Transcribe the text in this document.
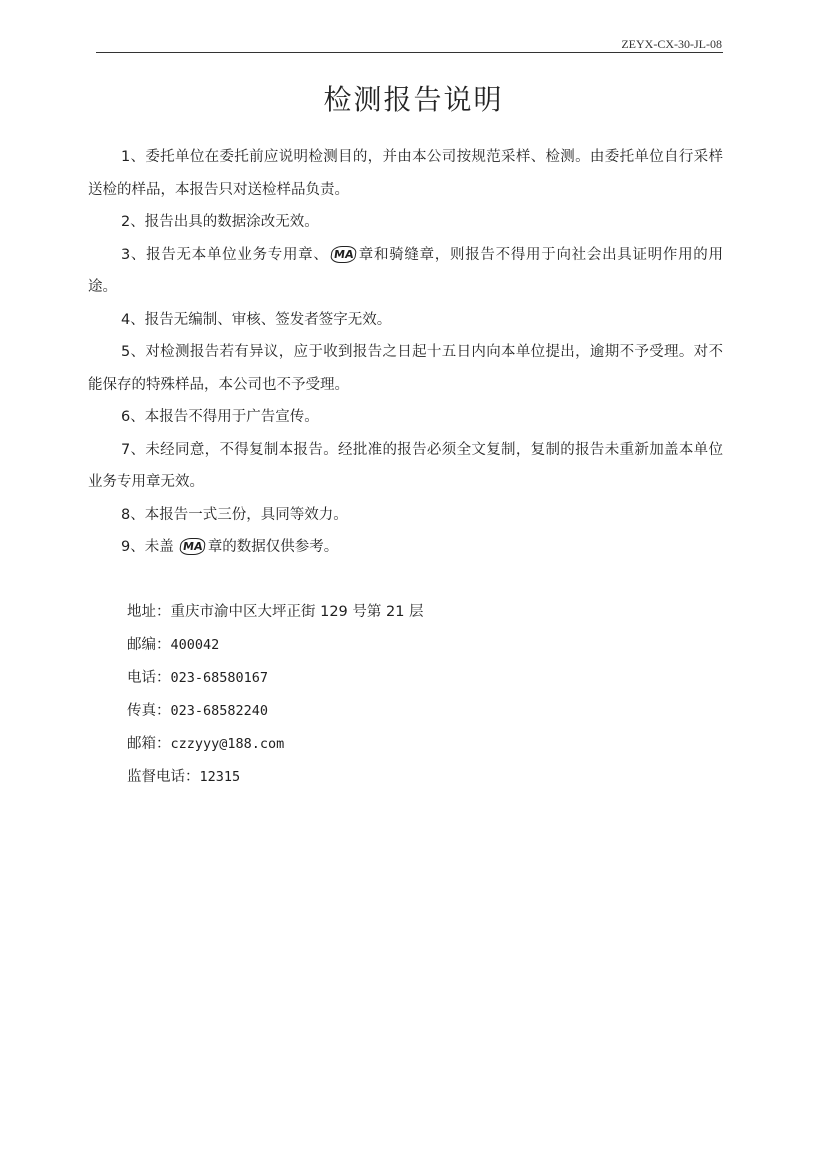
ZEYX-CX-30-JL-08
检测报告说明

1、委托单位在委托前应说明检测目的，并由本公司按规范采样、检测。由委托单位自行采样送检的样品，本报告只对送检样品负责。

2、报告出具的数据涂改无效。

3、报告无本单位业务专用章、 MA 章和骑缝章，则报告不得用于向社会出具证明作用的用途。

4、报告无编制、审核、签发者签字无效。

5、对检测报告若有异议，应于收到报告之日起十五日内向本单位提出，逾期不予受理。对不能保存的特殊样品，本公司也不予受理。

6、本报告不得用于广告宣传。

7、未经同意，不得复制本报告。经批准的报告必须全文复制，复制的报告未重新加盖本单位业务专用章无效。

8、本报告一式三份，具同等效力。

9、未盖 MA 章的数据仅供参考。

地址：重庆市渝中区大坪正街 129 号第 21 层
邮编：400042
电话：023-68580167
传真：023-68582240
邮箱：czzyyy@188.com
监督电话：12315
